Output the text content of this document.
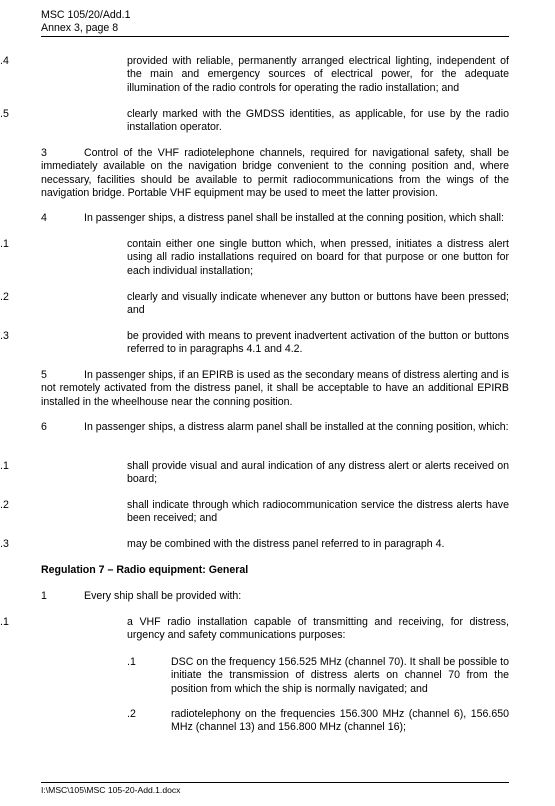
MSC 105/20/Add.1
Annex 3, page 8
.4	provided with reliable, permanently arranged electrical lighting, independent of the main and emergency sources of electrical power, for the adequate illumination of the radio controls for operating the radio installation; and
.5	clearly marked with the GMDSS identities, as applicable, for use by the radio installation operator.
3	Control of the VHF radiotelephone channels, required for navigational safety, shall be immediately available on the navigation bridge convenient to the conning position and, where necessary, facilities should be available to permit radiocommunications from the wings of the navigation bridge. Portable VHF equipment may be used to meet the latter provision.
4	In passenger ships, a distress panel shall be installed at the conning position, which shall:
.1	contain either one single button which, when pressed, initiates a distress alert using all radio installations required on board for that purpose or one button for each individual installation;
.2	clearly and visually indicate whenever any button or buttons have been pressed; and
.3	be provided with means to prevent inadvertent activation of the button or buttons referred to in paragraphs 4.1 and 4.2.
5	In passenger ships, if an EPIRB is used as the secondary means of distress alerting and is not remotely activated from the distress panel, it shall be acceptable to have an additional EPIRB installed in the wheelhouse near the conning position.
6	In passenger ships, a distress alarm panel shall be installed at the conning position, which:
.1	shall provide visual and aural indication of any distress alert or alerts received on board;
.2	shall indicate through which radiocommunication service the distress alerts have been received; and
.3	may be combined with the distress panel referred to in paragraph 4.
Regulation 7 – Radio equipment: General
1	Every ship shall be provided with:
.1	a VHF radio installation capable of transmitting and receiving, for distress, urgency and safety communications purposes:
.1	DSC on the frequency 156.525 MHz (channel 70). It shall be possible to initiate the transmission of distress alerts on channel 70 from the position from which the ship is normally navigated; and
.2	radiotelephony on the frequencies 156.300 MHz (channel 6), 156.650 MHz (channel 13) and 156.800 MHz (channel 16);
I:\MSC\105\MSC 105-20-Add.1.docx
